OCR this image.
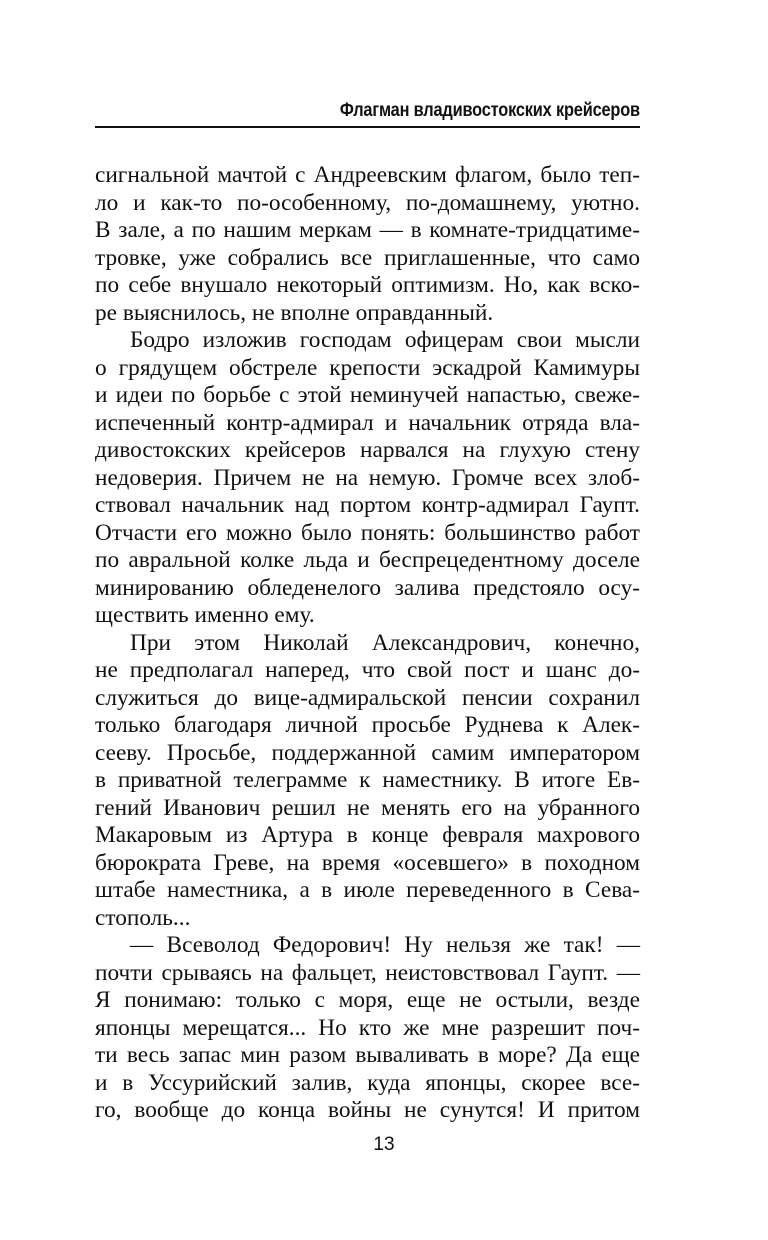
Флагман владивостокских крейсеров
сигнальной мачтой с Андреевским флагом, было теп-
ло и как-то по-особенному, по-домашнему, уютно.
В зале, а по нашим меркам — в комнате-тридцатиме-
тровке, уже собрались все приглашенные, что само
по себе внушало некоторый оптимизм. Но, как вско-
ре выяснилось, не вполне оправданный.
Бодро изложив господам офицерам свои мысли
о грядущем обстреле крепости эскадрой Камимуры
и идеи по борьбе с этой неминучей напастью, свеже-
испеченный контр-адмирал и начальник отряда вла-
дивостокских крейсеров нарвался на глухую стену
недоверия. Причем не на немую. Громче всех злоб-
ствовал начальник над портом контр-адмирал Гаупт.
Отчасти его можно было понять: большинство работ
по авральной колке льда и беспрецедентному доселе
минированию обледенелого залива предстояло осу-
ществить именно ему.
При этом Николай Александрович, конечно,
не предполагал наперед, что свой пост и шанс до-
служиться до вице-адмиральской пенсии сохранил
только благодаря личной просьбе Руднева к Алек-
сееву. Просьбе, поддержанной самим императором
в приватной телеграмме к наместнику. В итоге Ев-
гений Иванович решил не менять его на убранного
Макаровым из Артура в конце февраля махрового
бюрократа Греве, на время «осевшего» в походном
штабе наместника, а в июле переведенного в Сева-
стополь...
— Всеволод Федорович! Ну нельзя же так! —
почти срываясь на фальцет, неистовствовал Гаупт. —
Я понимаю: только с моря, еще не остыли, везде
японцы мерещатся... Но кто же мне разрешит поч-
ти весь запас мин разом вываливать в море? Да еще
и в Уссурийский залив, куда японцы, скорее все-
го, вообще до конца войны не сунутся! И притом
13
